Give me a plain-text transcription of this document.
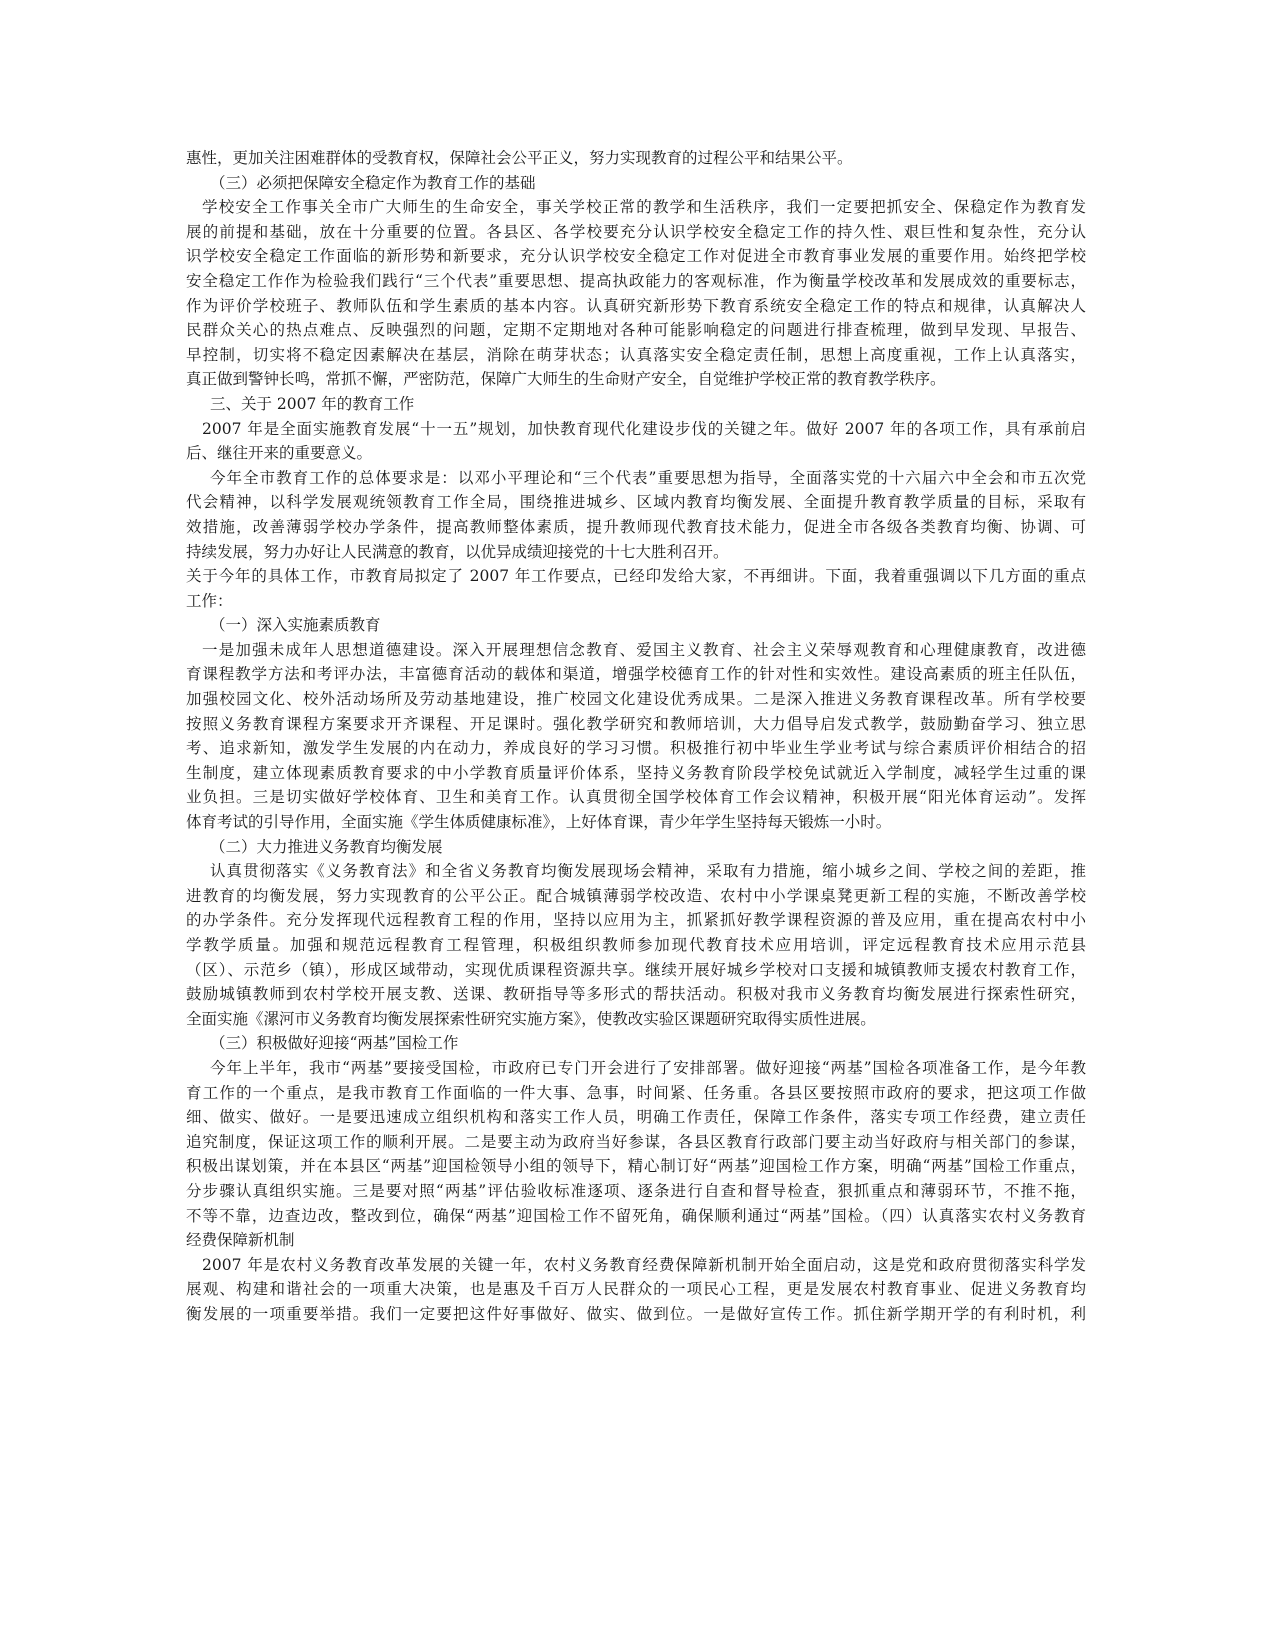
惠性，更加关注困难群体的受教育权，保障社会公平正义，努力实现教育的过程公平和结果公平。
（三）必须把保障安全稳定作为教育工作的基础
学校安全工作事关全市广大师生的生命安全，事关学校正常的教学和生活秩序，我们一定要把抓安全、保稳定作为教育发
展的前提和基础，放在十分重要的位置。各县区、各学校要充分认识学校安全稳定工作的持久性、艰巨性和复杂性，充分认
识学校安全稳定工作面临的新形势和新要求，充分认识学校安全稳定工作对促进全市教育事业发展的重要作用。始终把学校
安全稳定工作作为检验我们践行“三个代表”重要思想、提高执政能力的客观标准，作为衡量学校改革和发展成效的重要标志，
作为评价学校班子、教师队伍和学生素质的基本内容。认真研究新形势下教育系统安全稳定工作的特点和规律，认真解决人
民群众关心的热点难点、反映强烈的问题，定期不定期地对各种可能影响稳定的问题进行排查梳理，做到早发现、早报告、
早控制，切实将不稳定因素解决在基层，消除在萌芽状态；认真落实安全稳定责任制，思想上高度重视，工作上认真落实，
真正做到警钟长鸣，常抓不懈，严密防范，保障广大师生的生命财产安全，自觉维护学校正常的教育教学秩序。
三、关于 2007 年的教育工作
2007 年是全面实施教育发展“十一五”规划，加快教育现代化建设步伐的关键之年。做好 2007 年的各项工作，具有承前启
后、继往开来的重要意义。
今年全市教育工作的总体要求是：以邓小平理论和“三个代表”重要思想为指导，全面落实党的十六届六中全会和市五次党
代会精神，以科学发展观统领教育工作全局，围绕推进城乡、区域内教育均衡发展、全面提升教育教学质量的目标，采取有
效措施，改善薄弱学校办学条件，提高教师整体素质，提升教师现代教育技术能力，促进全市各级各类教育均衡、协调、可
持续发展，努力办好让人民满意的教育，以优异成绩迎接党的十七大胜利召开。
关于今年的具体工作，市教育局拟定了 2007 年工作要点，已经印发给大家，不再细讲。下面，我着重强调以下几方面的重点
工作：
（一）深入实施素质教育
一是加强未成年人思想道德建设。深入开展理想信念教育、爱国主义教育、社会主义荣辱观教育和心理健康教育，改进德
育课程教学方法和考评办法，丰富德育活动的载体和渠道，增强学校德育工作的针对性和实效性。建设高素质的班主任队伍，
加强校园文化、校外活动场所及劳动基地建设，推广校园文化建设优秀成果。二是深入推进义务教育课程改革。所有学校要
按照义务教育课程方案要求开齐课程、开足课时。强化教学研究和教师培训，大力倡导启发式教学，鼓励勤奋学习、独立思
考、追求新知，激发学生发展的内在动力，养成良好的学习习惯。积极推行初中毕业生学业考试与综合素质评价相结合的招
生制度，建立体现素质教育要求的中小学教育质量评价体系，坚持义务教育阶段学校免试就近入学制度，减轻学生过重的课
业负担。三是切实做好学校体育、卫生和美育工作。认真贯彻全国学校体育工作会议精神，积极开展“阳光体育运动”。发挥
体育考试的引导作用，全面实施《学生体质健康标准》，上好体育课，青少年学生坚持每天锻炼一小时。
（二）大力推进义务教育均衡发展
认真贯彻落实《义务教育法》和全省义务教育均衡发展现场会精神，采取有力措施，缩小城乡之间、学校之间的差距，推
进教育的均衡发展，努力实现教育的公平公正。配合城镇薄弱学校改造、农村中小学课桌凳更新工程的实施，不断改善学校
的办学条件。充分发挥现代远程教育工程的作用，坚持以应用为主，抓紧抓好教学课程资源的普及应用，重在提高农村中小
学教学质量。加强和规范远程教育工程管理，积极组织教师参加现代教育技术应用培训，评定远程教育技术应用示范县
（区）、示范乡（镇），形成区域带动，实现优质课程资源共享。继续开展好城乡学校对口支援和城镇教师支援农村教育工作，
鼓励城镇教师到农村学校开展支教、送课、教研指导等多形式的帮扶活动。积极对我市义务教育均衡发展进行探索性研究，
全面实施《漯河市义务教育均衡发展探索性研究实施方案》，使教改实验区课题研究取得实质性进展。
（三）积极做好迎接“两基”国检工作
今年上半年，我市“两基”要接受国检，市政府已专门开会进行了安排部署。做好迎接“两基”国检各项准备工作，是今年教
育工作的一个重点，是我市教育工作面临的一件大事、急事，时间紧、任务重。各县区要按照市政府的要求，把这项工作做
细、做实、做好。一是要迅速成立组织机构和落实工作人员，明确工作责任，保障工作条件，落实专项工作经费，建立责任
追究制度，保证这项工作的顺利开展。二是要主动为政府当好参谋，各县区教育行政部门要主动当好政府与相关部门的参谋，
积极出谋划策，并在本县区“两基”迎国检领导小组的领导下，精心制订好“两基”迎国检工作方案，明确“两基”国检工作重点，
分步骤认真组织实施。三是要对照“两基”评估验收标准逐项、逐条进行自查和督导检查，狠抓重点和薄弱环节，不推不拖，
不等不靠，边查边改，整改到位，确保“两基”迎国检工作不留死角，确保顺利通过“两基”国检。（四）认真落实农村义务教育
经费保障新机制
2007 年是农村义务教育改革发展的关键一年，农村义务教育经费保障新机制开始全面启动，这是党和政府贯彻落实科学发
展观、构建和谐社会的一项重大决策，也是惠及千百万人民群众的一项民心工程，更是发展农村教育事业、促进义务教育均
衡发展的一项重要举措。我们一定要把这件好事做好、做实、做到位。一是做好宣传工作。抓住新学期开学的有利时机，利
